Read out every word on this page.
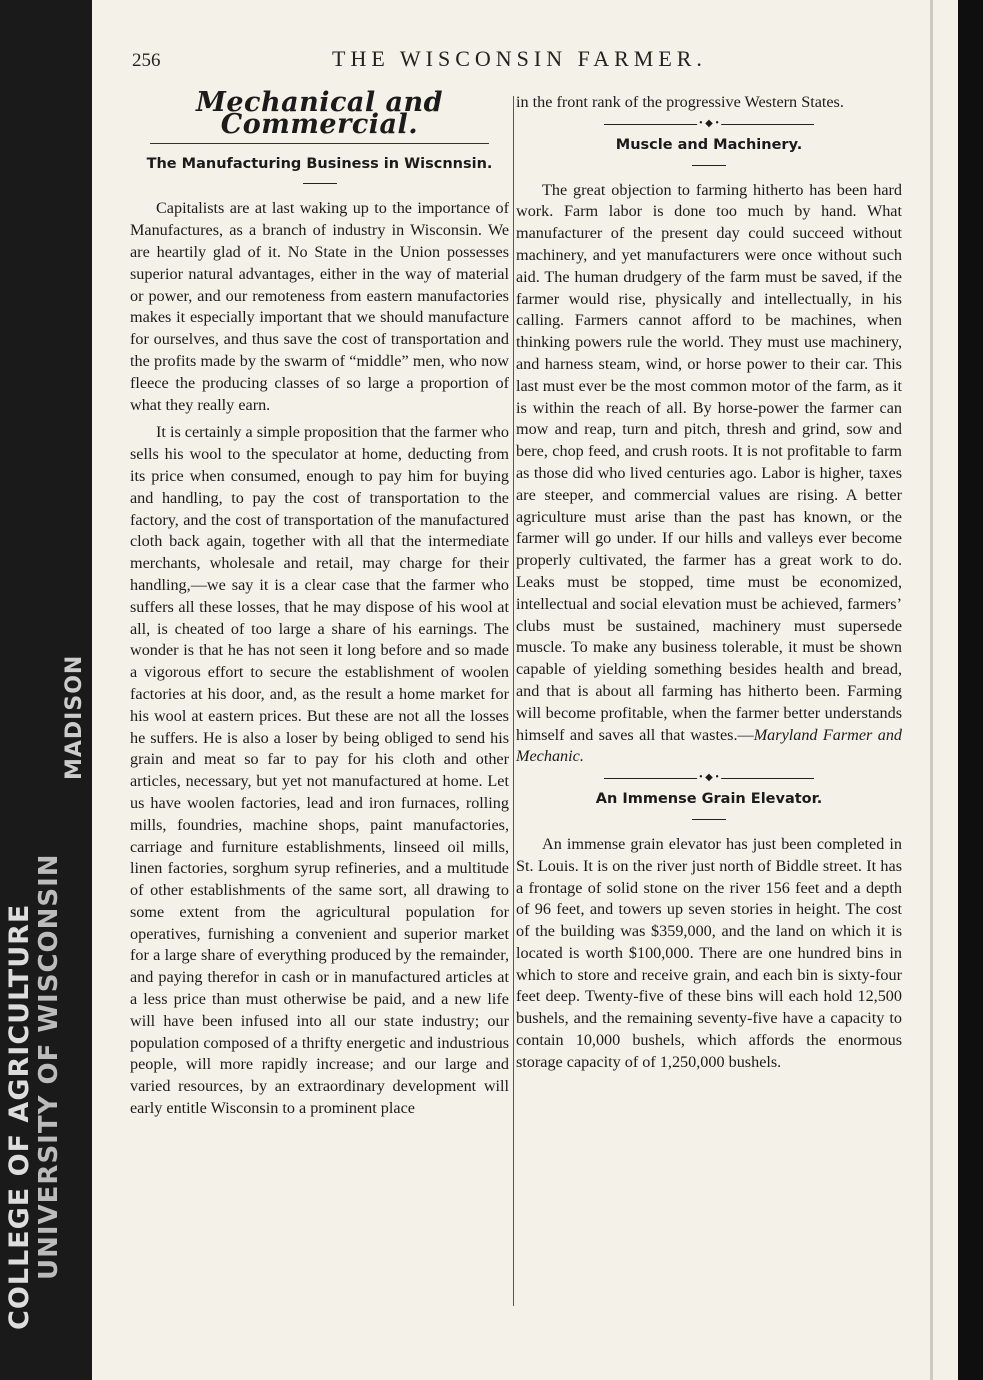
COLLEGE OF AGRICULTURE UNIVERSITY OF WISCONSIN
MADISON
256	THE WISCONSIN FARMER.
Mechanical and Commercial.
The Manufacturing Business in Wiscnnsin.

Capitalists are at last waking up to the importance of Manufactures, as a branch of industry in Wisconsin. We are heartily glad of it. No State in the Union possesses superior natural advantages, either in the way of material or power, and our remoteness from eastern manufactories makes it especially important that we should manufacture for ourselves, and thus save the cost of transportation and the profits made by the swarm of “middle” men, who now fleece the producing classes of so large a proportion of what they really earn.

It is certainly a simple proposition that the farmer who sells his wool to the speculator at home, deducting from its price when consumed, enough to pay him for buying and handling, to pay the cost of transportation to the factory, and the cost of transportation of the manufactured cloth back again, together with all that the intermediate merchants, wholesale and retail, may charge for their handling,—we say it is a clear case that the farmer who suffers all these losses, that he may dispose of his wool at all, is cheated of too large a share of his earnings. The wonder is that he has not seen it long before and so made a vigorous effort to secure the establishment of woolen factories at his door, and, as the result a home market for his wool at eastern prices. But these are not all the losses he suffers. He is also a loser by being obliged to send his grain and meat so far to pay for his cloth and other articles, necessary, but yet not manufactured at home. Let us have woolen factories, lead and iron furnaces, rolling mills, foundries, machine shops, paint manufactories, carriage and furniture establishments, linseed oil mills, linen factories, sorghum syrup refineries, and a multitude of other establishments of the same sort, all drawing to some extent from the agricultural population for operatives, furnishing a convenient and superior market for a large share of everything produced by the remainder, and paying therefor in cash or in manufactured articles at a less price than must otherwise be paid, and a new life will have been infused into all our state industry; our population composed of a thrifty energetic and industrious people, will more rapidly increase; and our large and varied resources, by an extraordinary development will early entitle Wisconsin to a prominent place

in the front rank of the progressive Western States.

• ◆ •
Muscle and Machinery.

The great objection to farming hitherto has been hard work. Farm labor is done too much by hand. What manufacturer of the present day could succeed without machinery, and yet manufacturers were once without such aid. The human drudgery of the farm must be saved, if the farmer would rise, physically and intellectually, in his calling. Farmers cannot afford to be machines, when thinking powers rule the world. They must use machinery, and harness steam, wind, or horse power to their car. This last must ever be the most common motor of the farm, as it is within the reach of all. By horse-power the farmer can mow and reap, turn and pitch, thresh and grind, sow and bere, chop feed, and crush roots. It is not profitable to farm as those did who lived centuries ago. Labor is higher, taxes are steeper, and commercial values are rising. A better agriculture must arise than the past has known, or the farmer will go under. If our hills and valleys ever become properly cultivated, the farmer has a great work to do. Leaks must be stopped, time must be economized, intellectual and social elevation must be achieved, farmers’ clubs must be sustained, machinery must supersede muscle. To make any business tolerable, it must be shown capable of yielding something besides health and bread, and that is about all farming has hitherto been. Farming will become profitable, when the farmer better understands himself and saves all that wastes.—Maryland Farmer and Mechanic.

• ◆ •
An Immense Grain Elevator.

An immense grain elevator has just been completed in St. Louis. It is on the river just north of Biddle street. It has a frontage of solid stone on the river 156 feet and a depth of 96 feet, and towers up seven stories in height. The cost of the building was $359,000, and the land on which it is located is worth $100,000. There are one hundred bins in which to store and receive grain, and each bin is sixty-four feet deep. Twenty-five of these bins will each hold 12,500 bushels, and the remaining seventy-five have a capacity to contain 10,000 bushels, which affords the enormous storage capacity of of 1,250,000 bushels.
